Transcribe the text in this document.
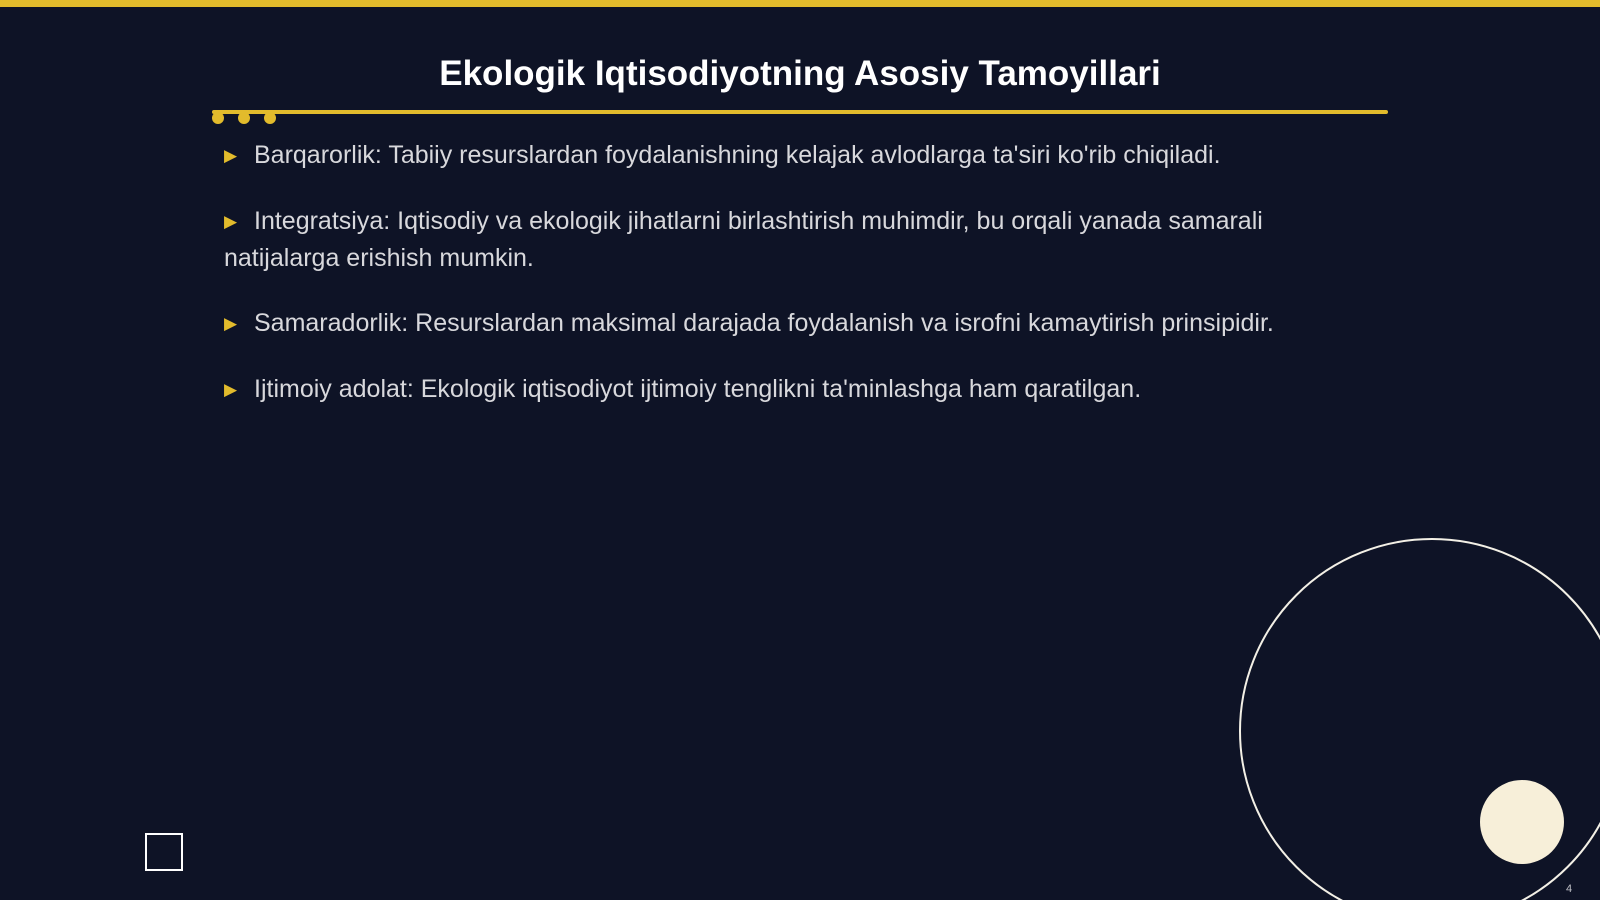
Ekologik Iqtisodiyotning Asosiy Tamoyillari
▶ Barqarorlik: Tabiiy resurslardan foydalanishning kelajak avlodlarga ta'siri ko'rib chiqiladi.
▶ Integratsiya: Iqtisodiy va ekologik jihatlarni birlashtirish muhimdir, bu orqali yanada samarali natijalarga erishish mumkin.
▶ Samaradorlik: Resurslardan maksimal darajada foydalanish va isrofni kamaytirish prinsipidir.
▶ Ijtimoiy adolat: Ekologik iqtisodiyot ijtimoiy tenglikni ta'minlashga ham qaratilgan.
4
